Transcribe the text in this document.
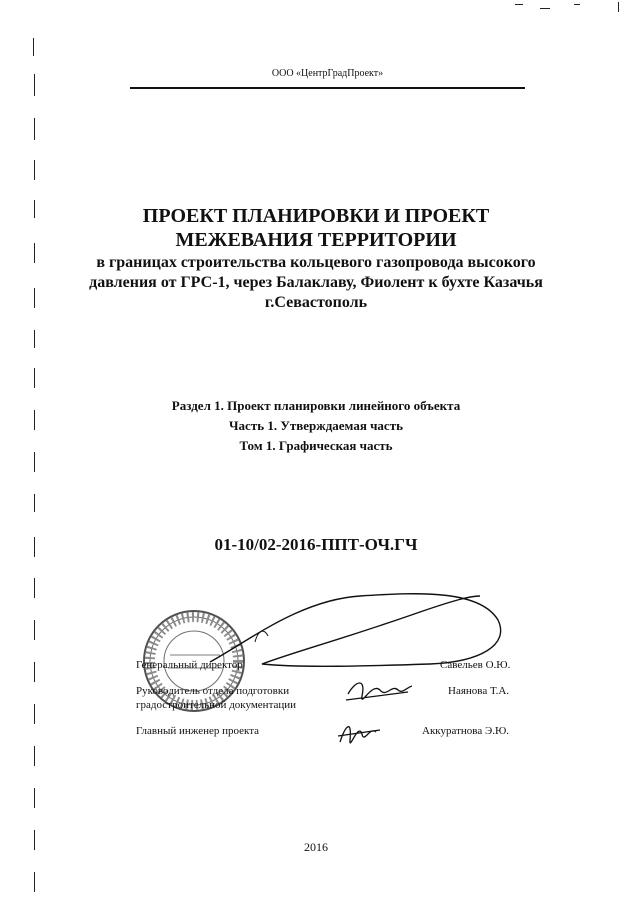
ООО «ЦентрГрадПроект»
ПРОЕКТ ПЛАНИРОВКИ И ПРОЕКТ
МЕЖЕВАНИЯ ТЕРРИТОРИИ
в границах строительства кольцевого газопровода высокого
давления от ГРС-1, через Балаклаву, Фиолент к бухте Казачья
г.Севастополь
Раздел 1. Проект планировки линейного объекта
Часть 1. Утверждаемая часть
Том 1. Графическая часть
01-10/02-2016-ППТ-ОЧ.ГЧ
Генеральный директор	Савельев О.Ю.
Руководитель отдела подготовки
градостроительной документации
Наянова Т.А.
Главный инженер проекта	Аккуратнова Э.Ю.
2016
